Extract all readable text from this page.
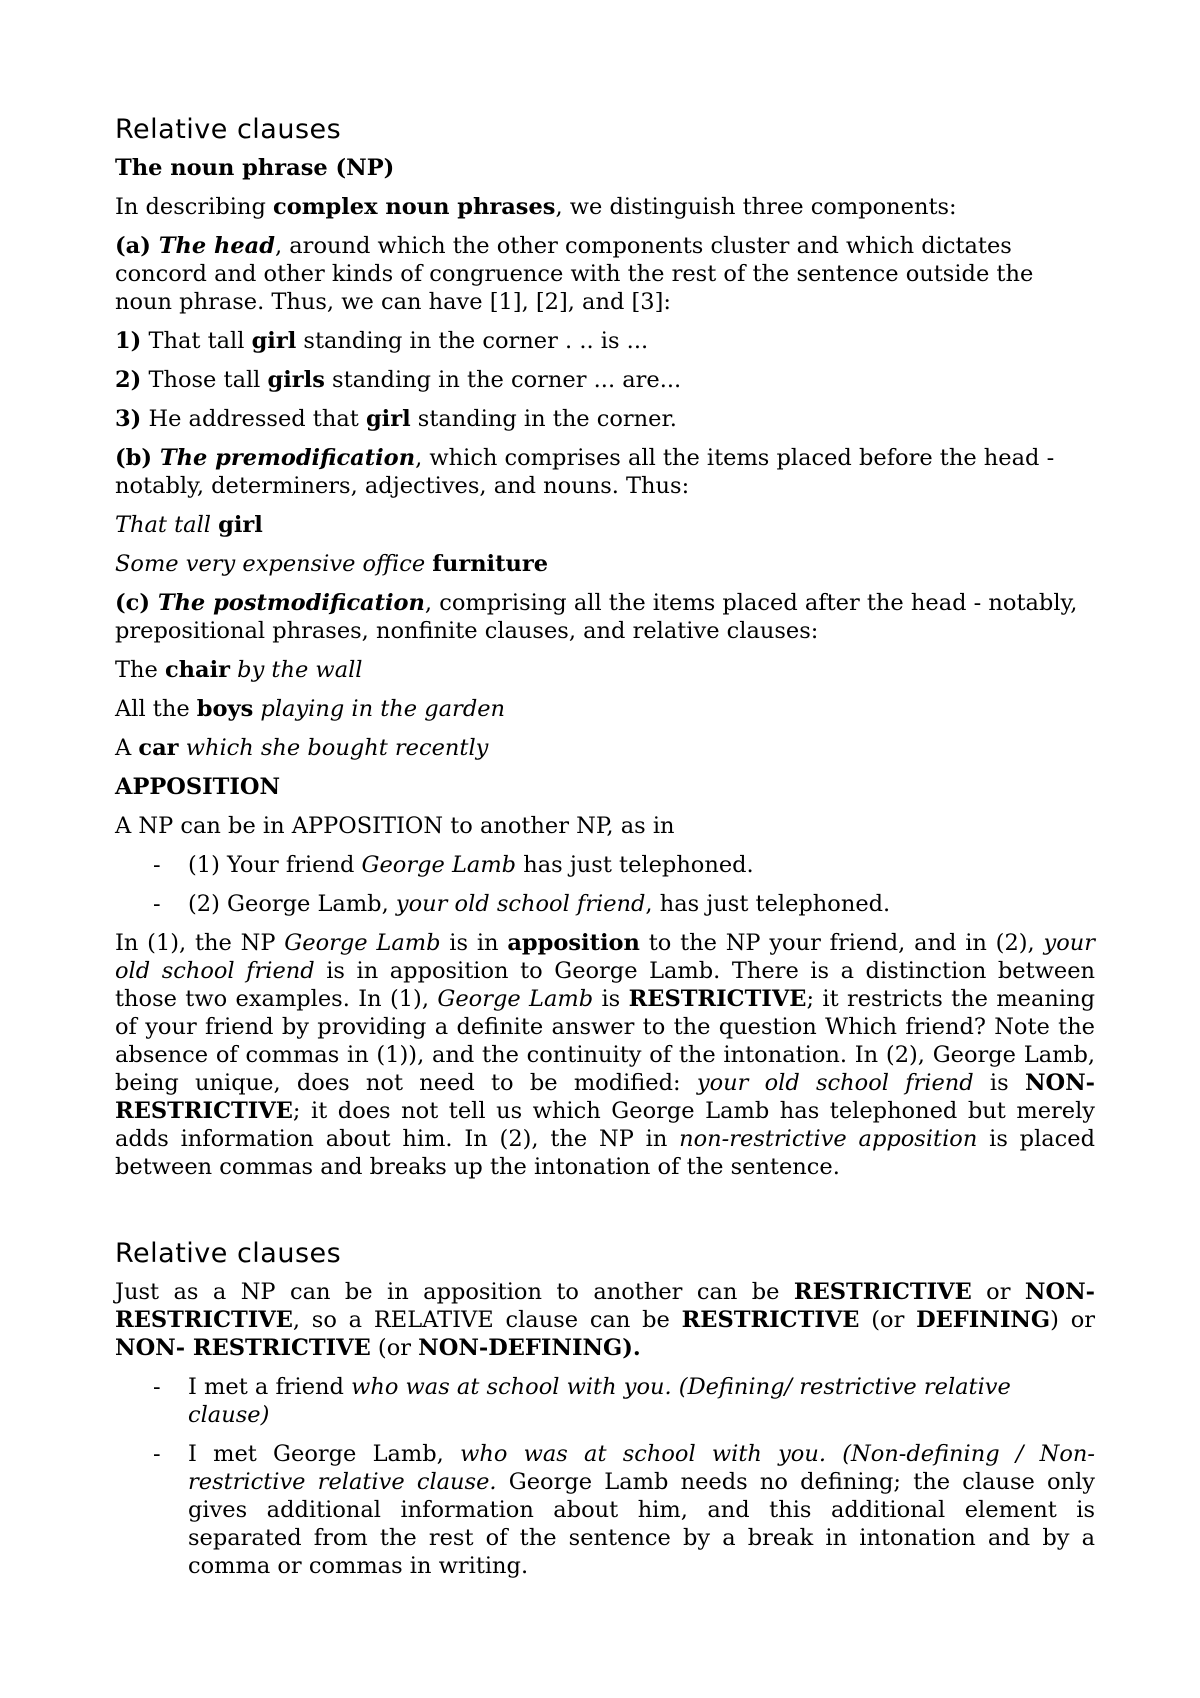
Relative clauses

The noun phrase (NP)

In describing complex noun phrases, we distinguish three components:

(a) The head, around which the other components cluster and which dictates concord and other kinds of congruence with the rest of the sentence outside the noun phrase. Thus, we can have [1], [2], and [3]:

1) That tall girl standing in the corner . .. is ...

2) Those tall girls standing in the corner ... are...

3) He addressed that girl standing in the corner.

(b) The premodification, which comprises all the items placed before the head - notably, determiners, adjectives, and nouns. Thus:

That tall girl

Some very expensive office furniture

(c) The postmodification, comprising all the items placed after the head - notably, prepositional phrases, nonfinite clauses, and relative clauses:

The chair by the wall

All the boys playing in the garden

A car which she bought recently

APPOSITION

A NP can be in APPOSITION to another NP, as in

- (1) Your friend George Lamb has just telephoned.
- (2) George Lamb, your old school friend, has just telephoned.

In (1), the NP George Lamb is in apposition to the NP your friend, and in (2), your old school friend is in apposition to George Lamb. There is a distinction between those two examples. In (1), George Lamb is RESTRICTIVE; it restricts the meaning of your friend by providing a definite answer to the question Which friend? Note the absence of commas in (1)), and the continuity of the intonation. In (2), George Lamb, being unique, does not need to be modified: your old school friend is NON-RESTRICTIVE; it does not tell us which George Lamb has telephoned but merely adds information about him. In (2), the NP in non-restrictive apposition is placed between commas and breaks up the intonation of the sentence.

Relative clauses

Just as a NP can be in apposition to another can be RESTRICTIVE or NON-RESTRICTIVE, so a RELATIVE clause can be RESTRICTIVE (or DEFINING) or NON- RESTRICTIVE (or NON-DEFINING).

- I met a friend who was at school with you. (Defining/ restrictive relative clause)
- I met George Lamb, who was at school with you. (Non-defining / Non-restrictive relative clause. George Lamb needs no defining; the clause only gives additional information about him, and this additional element is separated from the rest of the sentence by a break in intonation and by a comma or commas in writing.
